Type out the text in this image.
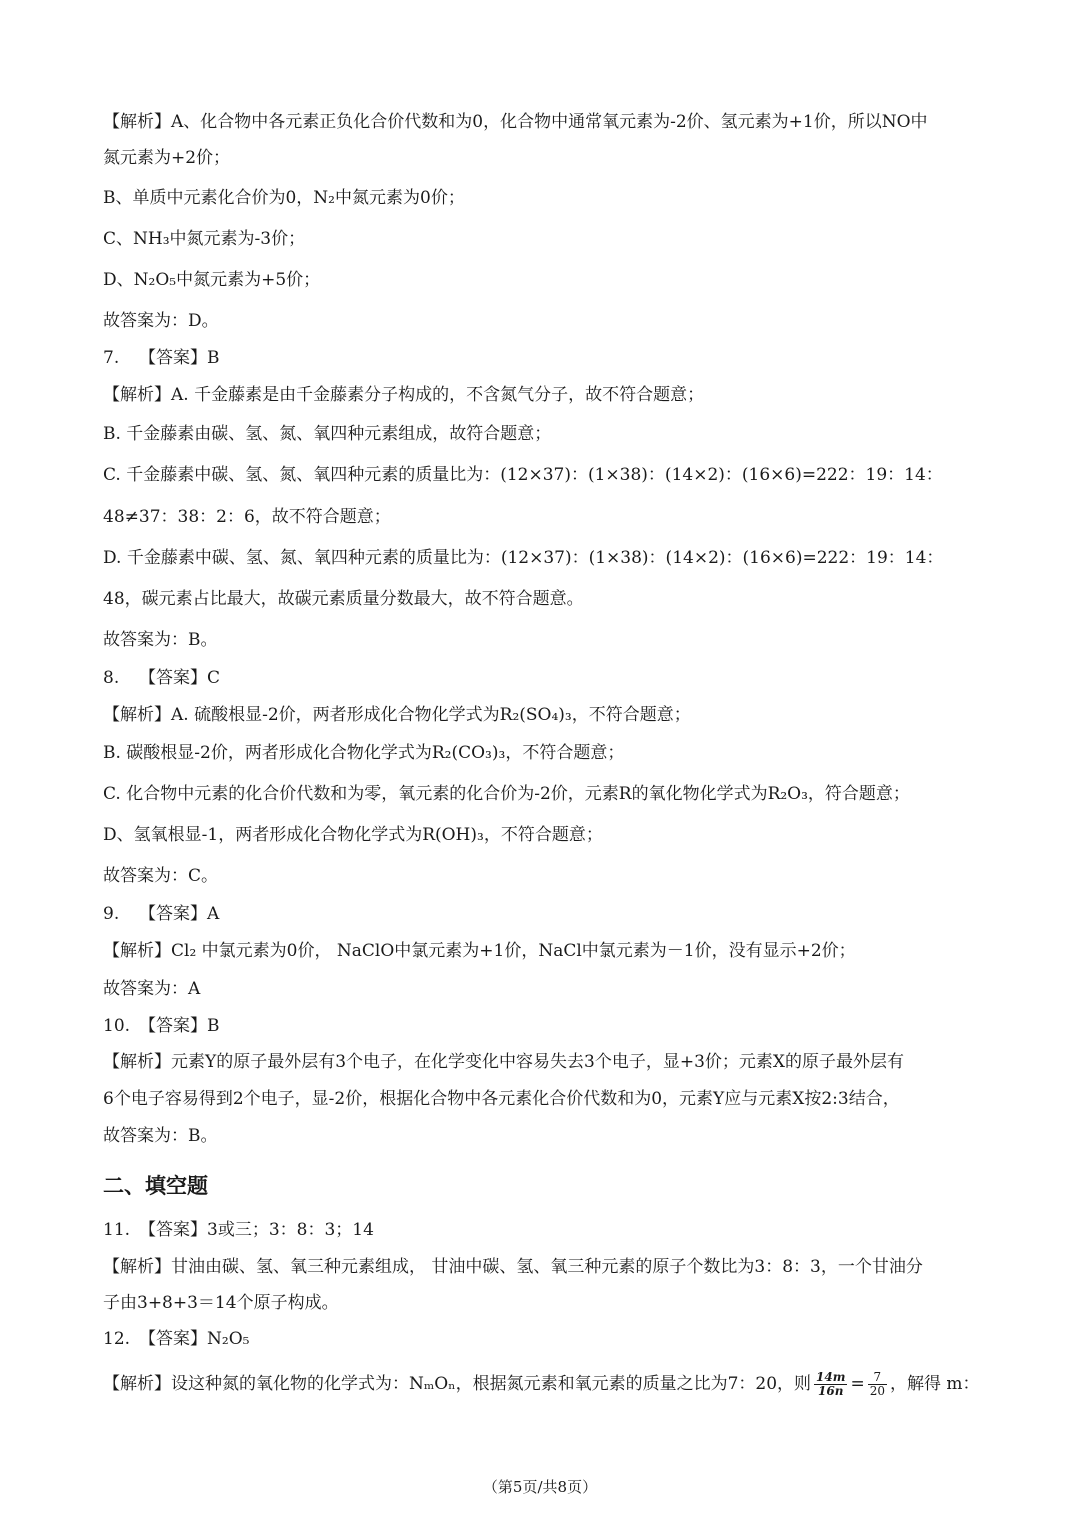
【解析】A、化合物中各元素正负化合价代数和为0，化合物中通常氧元素为-2价、氢元素为+1价，所以NO中
氮元素为+2价；
B、单质中元素化合价为0，N₂中氮元素为0价；
C、NH₃中氮元素为-3价；
D、N₂O₅中氮元素为+5价；
故答案为：D。
7. 【答案】B
【解析】A. 千金藤素是由千金藤素分子构成的，不含氮气分子，故不符合题意；
B. 千金藤素由碳、氢、氮、氧四种元素组成，故符合题意；
C. 千金藤素中碳、氢、氮、氧四种元素的质量比为：(12×37)：(1×38)：(14×2)：(16×6)=222：19：14：
48≠37：38：2：6，故不符合题意；
D. 千金藤素中碳、氢、氮、氧四种元素的质量比为：(12×37)：(1×38)：(14×2)：(16×6)=222：19：14：
48，碳元素占比最大，故碳元素质量分数最大，故不符合题意。
故答案为：B。
8. 【答案】C
【解析】A. 硫酸根显-2价，两者形成化合物化学式为R₂(SO₄)₃，不符合题意；
B. 碳酸根显-2价，两者形成化合物化学式为R₂(CO₃)₃，不符合题意；
C. 化合物中元素的化合价代数和为零，氧元素的化合价为-2价，元素R的氧化物化学式为R₂O₃，符合题意；
D、氢氧根显-1，两者形成化合物化学式为R(OH)₃，不符合题意；
故答案为：C。
9. 【答案】A
【解析】Cl₂ 中氯元素为0价， NaClO中氯元素为+1价，NaCl中氯元素为－1价，没有显示+2价；
故答案为：A
10. 【答案】B
【解析】元素Y的原子最外层有3个电子，在化学变化中容易失去3个电子，显+3价；元素X的原子最外层有
6个电子容易得到2个电子，显-2价，根据化合物中各元素化合价代数和为0，元素Y应与元素X按2:3结合，
故答案为：B。
二、填空题
11. 【答案】3或三；3：8：3；14
【解析】甘油由碳、氢、氧三种元素组成， 甘油中碳、氢、氧三种元素的原子个数比为3：8：3，一个甘油分
子由3+8+3＝14个原子构成。
12. 【答案】N₂O₅
【解析】设这种氮的氧化物的化学式为：NₘOₙ，根据氮元素和氧元素的质量之比为7：20，则 $\frac{14m}{16n} = \frac{7}{20}$ ，解得 m：
（第5页/共8页）
